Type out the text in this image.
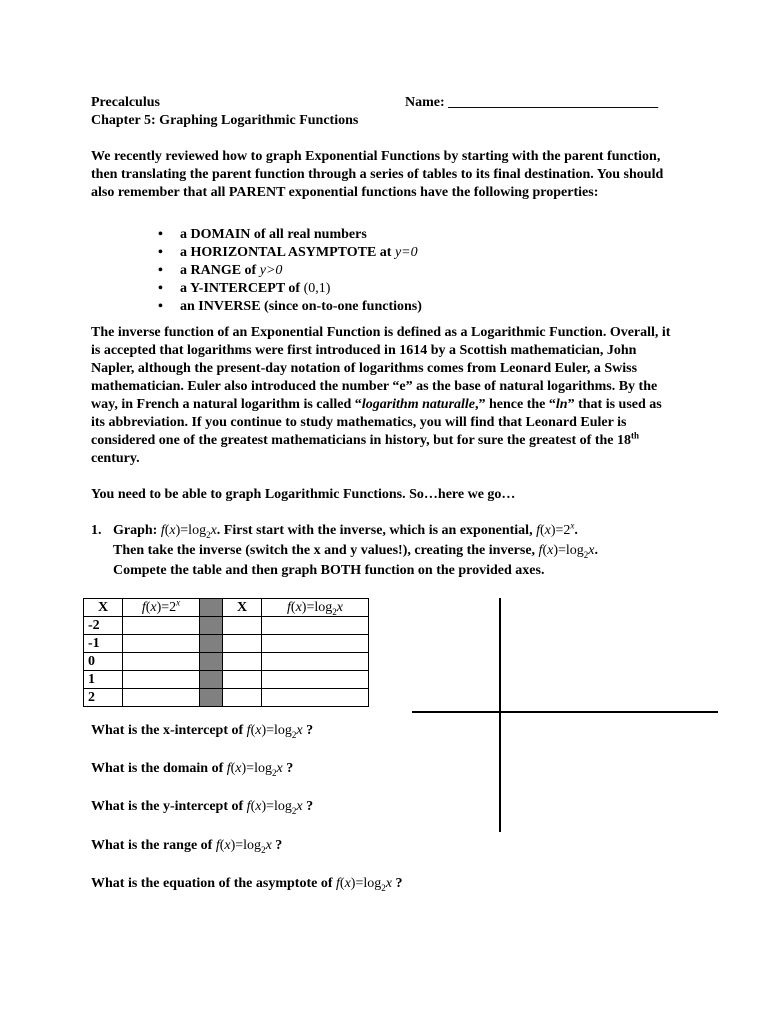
Precalculus	Name: ______________________________
Chapter 5: Graphing Logarithmic Functions
We recently reviewed how to graph Exponential Functions by starting with the parent function, then translating the parent function through a series of tables to its final destination. You should also remember that all PARENT exponential functions have the following properties:
• a DOMAIN of all real numbers
• a HORIZONTAL ASYMPTOTE at y=0
• a RANGE of y>0
• a Y-INTERCEPT of (0,1)
• an INVERSE (since on-to-one functions)
The inverse function of an Exponential Function is defined as a Logarithmic Function. Overall, it is accepted that logarithms were first introduced in 1614 by a Scottish mathematician, John Napler, although the present-day notation of logarithms comes from Leonard Euler, a Swiss mathematician. Euler also introduced the number “e” as the base of natural logarithms. By the way, in French a natural logarithm is called “logarithm naturalle,” hence the “ln” that is used as its abbreviation. If you continue to study mathematics, you will find that Leonard Euler is considered one of the greatest mathematicians in history, but for sure the greatest of the 18th century.
You need to be able to graph Logarithmic Functions. So…here we go…
1. Graph: $f(x)=\log_2x$. First start with the inverse, which is an exponential, $f(x)=2^x$.
Then take the inverse (switch the x and y values!), creating the inverse, $f(x)=\log_2x$.
Compete the table and then graph BOTH function on the provided axes.
X	$f(x)=2^x$		X	$f(x)=\log_2x$
-2				
-1				
0				
1				
2				
What is the x-intercept of $f(x)=\log_2x$ ?
What is the domain of $f(x)=\log_2x$ ?
What is the y-intercept of $f(x)=\log_2x$ ?
What is the range of $f(x)=\log_2x$ ?
What is the equation of the asymptote of $f(x)=\log_2x$ ?
